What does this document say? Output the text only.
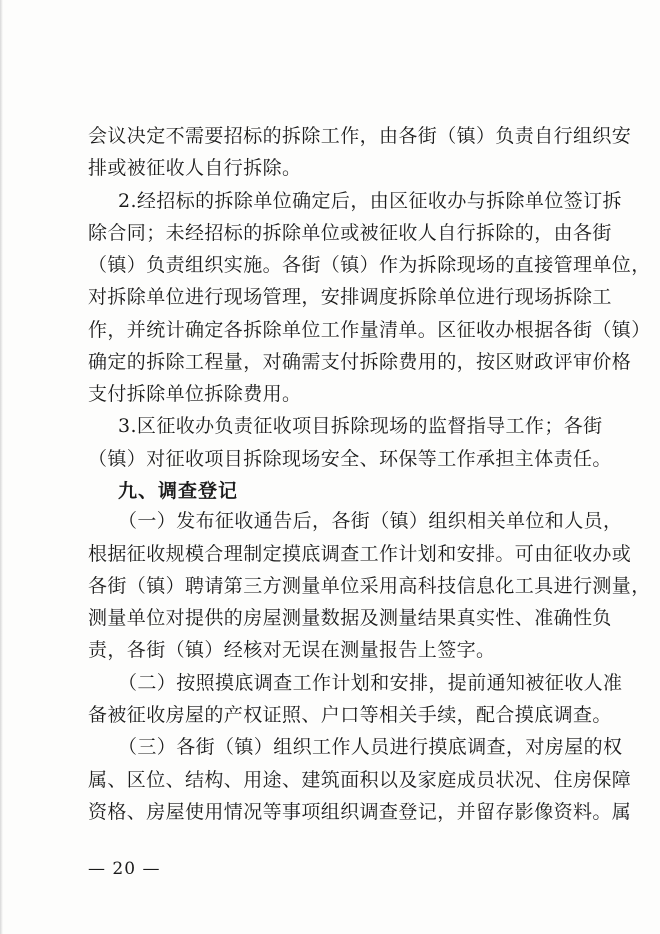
会议决定不需要招标的拆除工作，由各街（镇）负责自行组织安
排或被征收人自行拆除。
2.经招标的拆除单位确定后，由区征收办与拆除单位签订拆
除合同；未经招标的拆除单位或被征收人自行拆除的，由各街
（镇）负责组织实施。各街（镇）作为拆除现场的直接管理单位，
对拆除单位进行现场管理，安排调度拆除单位进行现场拆除工
作，并统计确定各拆除单位工作量清单。区征收办根据各街（镇）
确定的拆除工程量，对确需支付拆除费用的，按区财政评审价格
支付拆除单位拆除费用。
3.区征收办负责征收项目拆除现场的监督指导工作；各街
（镇）对征收项目拆除现场安全、环保等工作承担主体责任。
九、调查登记
（一）发布征收通告后，各街（镇）组织相关单位和人员，
根据征收规模合理制定摸底调查工作计划和安排。可由征收办或
各街（镇）聘请第三方测量单位采用高科技信息化工具进行测量，
测量单位对提供的房屋测量数据及测量结果真实性、准确性负
责，各街（镇）经核对无误在测量报告上签字。
（二）按照摸底调查工作计划和安排，提前通知被征收人准
备被征收房屋的产权证照、户口等相关手续，配合摸底调查。
（三）各街（镇）组织工作人员进行摸底调查，对房屋的权
属、区位、结构、用途、建筑面积以及家庭成员状况、住房保障
资格、房屋使用情况等事项组织调查登记，并留存影像资料。属
— 20 —
